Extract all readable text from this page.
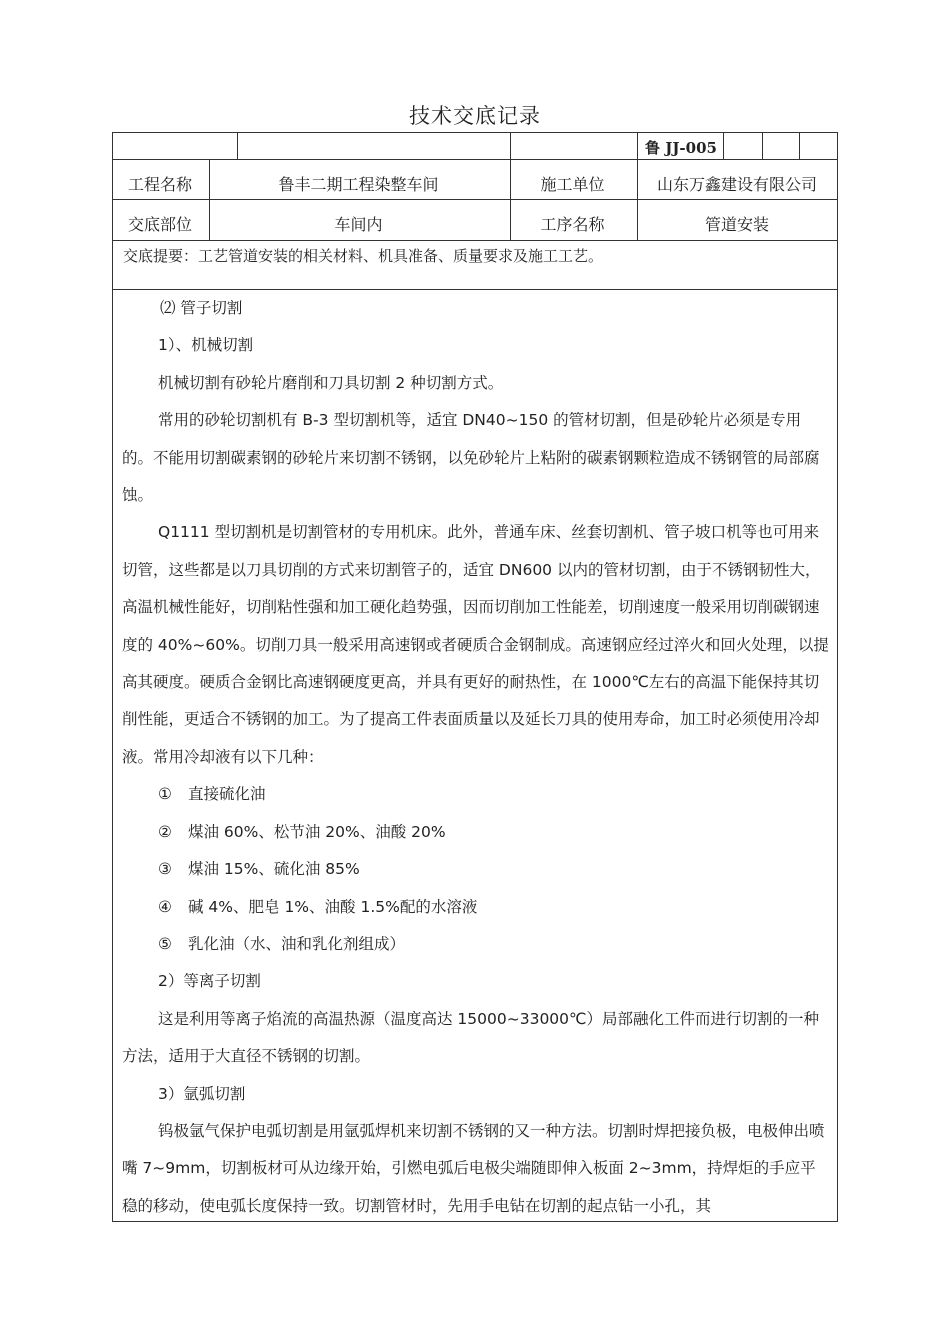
技术交底记录
鲁 JJ-005
工程名称	鲁丰二期工程染整车间	施工单位	山东万鑫建设有限公司
交底部位	车间内	工序名称	管道安装
交底提要：工艺管道安装的相关材料、机具准备、质量要求及施工工艺。

⑵ 管子切割

1）、机械切割

机械切割有砂轮片磨削和刀具切割 2 种切割方式。

常用的砂轮切割机有 B-3 型切割机等，适宜 DN40~150 的管材切割，但是砂轮片必须是专用的。不能用切割碳素钢的砂轮片来切割不锈钢，以免砂轮片上粘附的碳素钢颗粒造成不锈钢管的局部腐蚀。

Q1111 型切割机是切割管材的专用机床。此外，普通车床、丝套切割机、管子坡口机等也可用来切管，这些都是以刀具切削的方式来切割管子的，适宜 DN600 以内的管材切割，由于不锈钢韧性大，高温机械性能好，切削粘性强和加工硬化趋势强，因而切削加工性能差，切削速度一般采用切削碳钢速度的 40%~60%。切削刀具一般采用高速钢或者硬质合金钢制成。高速钢应经过淬火和回火处理，以提高其硬度。硬质合金钢比高速钢硬度更高，并具有更好的耐热性，在 1000℃左右的高温下能保持其切削性能，更适合不锈钢的加工。为了提高工件表面质量以及延长刀具的使用寿命，加工时必须使用冷却液。常用冷却液有以下几种：

① 直接硫化油

② 煤油 60%、松节油 20%、油酸 20%

③ 煤油 15%、硫化油 85%

④ 碱 4%、肥皂 1%、油酸 1.5%配的水溶液

⑤ 乳化油（水、油和乳化剂组成）

2）等离子切割

这是利用等离子焰流的高温热源（温度高达 15000~33000℃）局部融化工件而进行切割的一种方法，适用于大直径不锈钢的切割。

3）氩弧切割

钨极氩气保护电弧切割是用氩弧焊机来切割不锈钢的又一种方法。切割时焊把接负极，电极伸出喷嘴 7~9mm，切割板材可从边缘开始，引燃电弧后电极尖端随即伸入板面 2~3mm，持焊炬的手应平稳的移动，使电弧长度保持一致。切割管材时，先用手电钻在切割的起点钻一小孔，其
